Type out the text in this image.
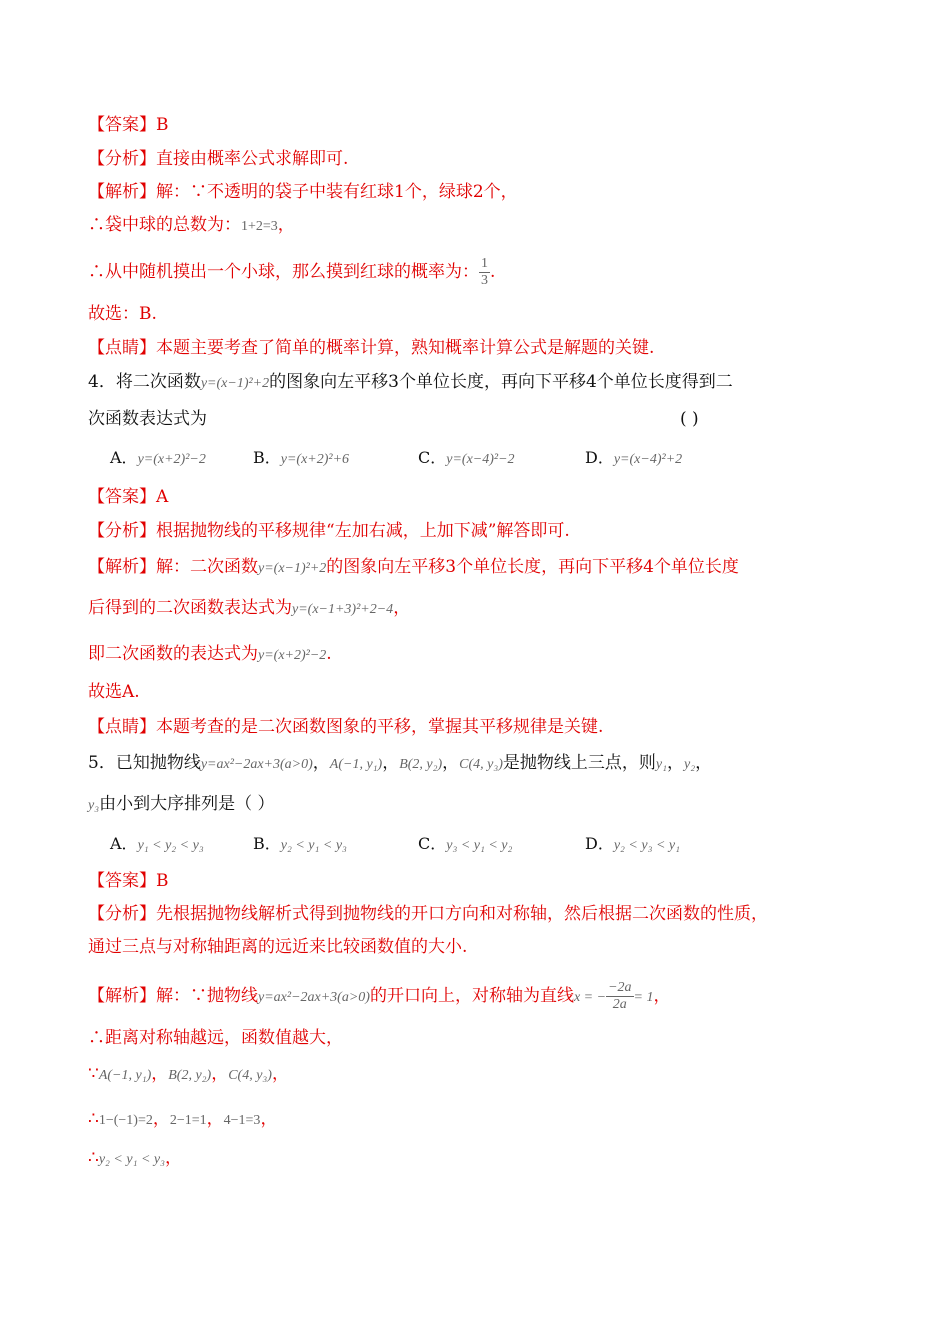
【答案】B
【分析】直接由概率公式求解即可.
【解析】解：∵不透明的袋子中装有红球1个，绿球2个，
∴袋中球的总数为：1+2=3，
∴从中随机摸出一个小球，那么摸到红球的概率为： $\frac{1}{3}$ .
故选：B.
【点睛】本题主要考查了简单的概率计算，熟知概率计算公式是解题的关键.
4．将二次函数y=(x−1)²+2的图象向左平移3个单位长度，再向下平移4个单位长度得到二
次函数表达式为	( )
A．y=(x+2)²−2	B．y=(x+2)²+6	C．y=(x−4)²−2	D．y=(x−4)²+2
【答案】A
【分析】根据抛物线的平移规律“左加右减，上加下减”解答即可.
【解析】解：二次函数y=(x−1)²+2的图象向左平移3个单位长度，再向下平移4个单位长度
后得到的二次函数表达式为y=(x−1+3)²+2−4，
即二次函数的表达式为y=(x+2)²−2.
故选A.
【点睛】本题考查的是二次函数图象的平移，掌握其平移规律是关键.
5．已知抛物线y=ax²−2ax+3(a>0)，A(−1, y₁)，B(2, y₂)，C(4, y₃)是抛物线上三点，则y₁，y₂，
y₃由小到大序排列是（ ）
A．y₁ < y₂ < y₃	B．y₂ < y₁ < y₃	C．y₃ < y₁ < y₂	D．y₂ < y₃ < y₁
【答案】B
【分析】先根据抛物线解析式得到抛物线的开口方向和对称轴，然后根据二次函数的性质，
通过三点与对称轴距离的远近来比较函数值的大小.
【解析】解：∵抛物线y=ax²−2ax+3(a>0)的开口向上，对称轴为直线x = − $\frac{-2a}{2a} = 1$，
∴距离对称轴越远，函数值越大，
∵A(−1, y₁)，B(2, y₂)，C(4, y₃)，
∴1−(−1)=2，2−1=1，4−1=3，
∴y₂ < y₁ < y₃，
